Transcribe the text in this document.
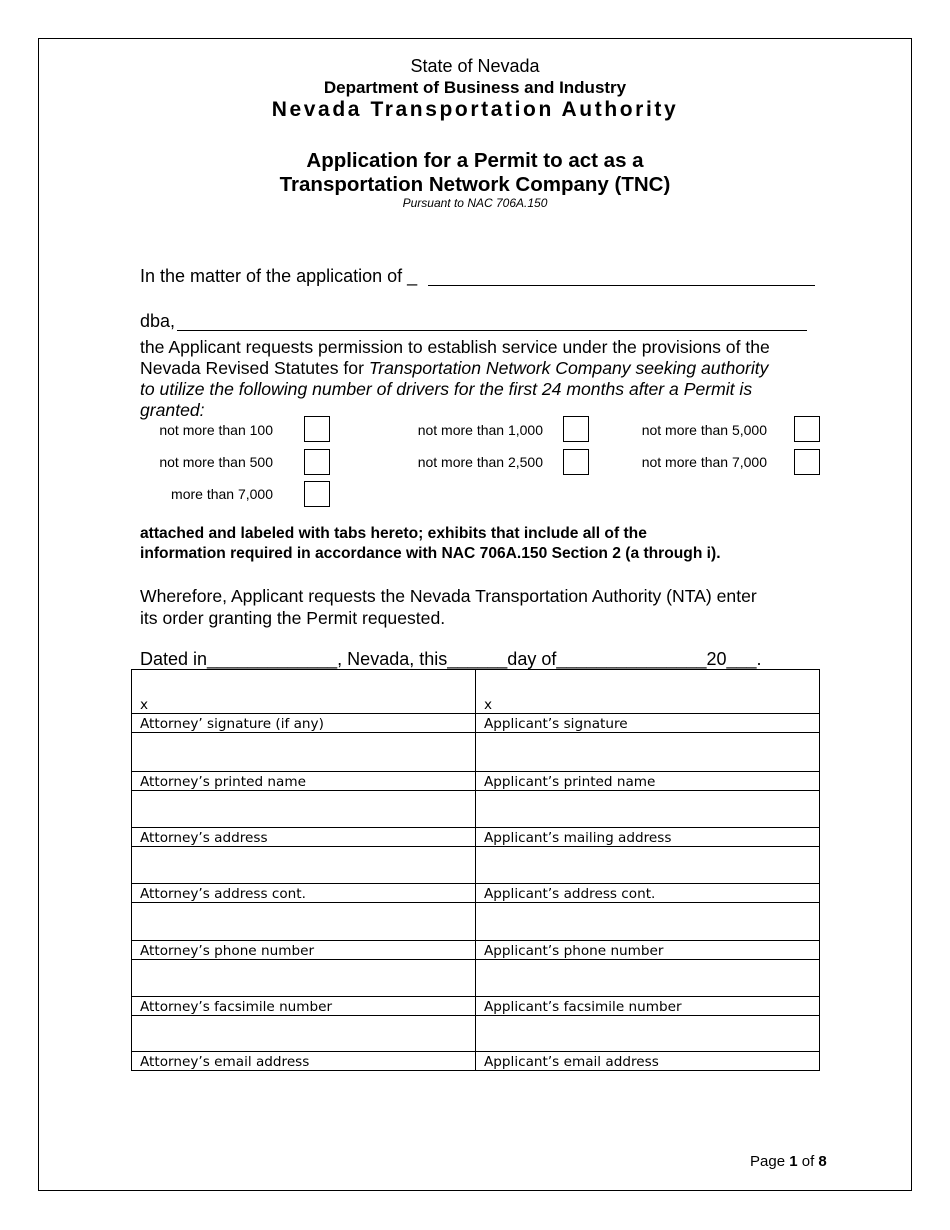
State of Nevada
Department of Business and Industry
Nevada Transportation Authority
Application for a Permit to act as a
Transportation Network Company (TNC)
Pursuant to NAC 706A.150
In the matter of the application of _
dba,

the Applicant requests permission to establish service under the provisions of the

Nevada Revised Statutes for Transportation Network Company seeking authority

to utilize the following number of drivers for the first 24 months after a Permit is

granted:

not more than 100	not more than 1,000	not more than 5,000
not more than 500	not more than 2,500	not more than 7,000
more than 7,000

attached and labeled with tabs hereto; exhibits that include all of the

information required in accordance with NAC 706A.150 Section 2 (a through i).

Wherefore, Applicant requests the Nevada Transportation Authority (NTA) enter

its order granting the Permit requested.

Dated in_____________, Nevada, this______day of_______________20___.
x	x
Attorney’ signature (if any)	Applicant’s signature

Attorney’s printed name	Applicant’s printed name

Attorney’s address	Applicant’s mailing address

Attorney’s address cont.	Applicant’s address cont.

Attorney’s phone number	Applicant’s phone number

Attorney’s facsimile number	Applicant’s facsimile number

Attorney’s email address	Applicant’s email address
Page 1 of 8
